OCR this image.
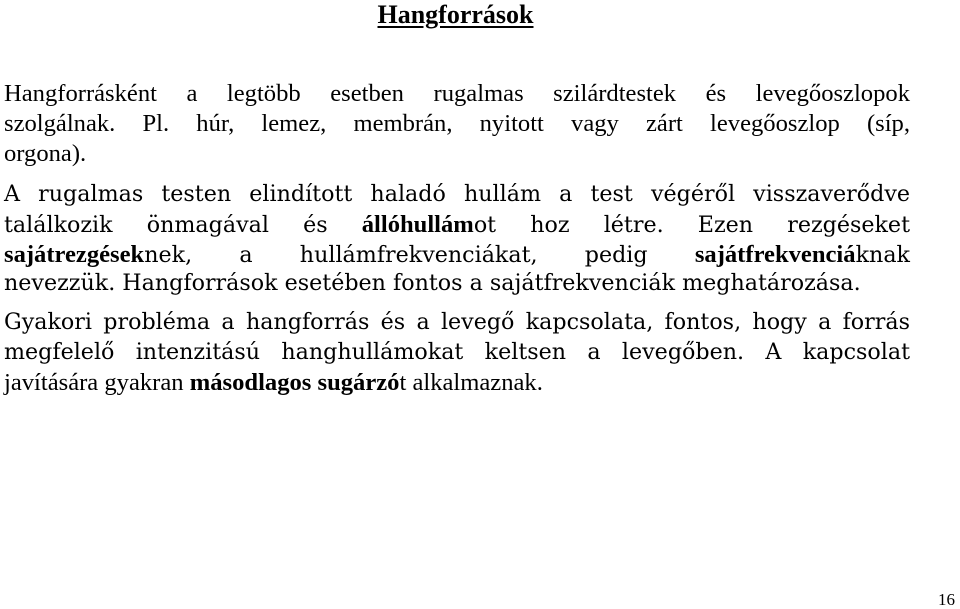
Hangforrások
Hangforrásként a legtöbb esetben rugalmas szilárdtestek és levegőoszlopok
szolgálnak. Pl. húr, lemez, membrán, nyitott vagy zárt levegőoszlop (síp,
orgona).
A rugalmas testen elindított haladó hullám a test végéről visszaverődve
találkozik önmagával és állóhullámot hoz létre. Ezen rezgéseket
sajátrezgéseknek, a hullámfrekvenciákat, pedig sajátfrekvenciáknak
nevezzük. Hangforrások esetében fontos a sajátfrekvenciák meghatározása.
Gyakori probléma a hangforrás és a levegő kapcsolata, fontos, hogy a forrás
megfelelő intenzitású hanghullámokat keltsen a levegőben. A kapcsolat
javítására gyakran másodlagos sugárzót alkalmaznak.
16
